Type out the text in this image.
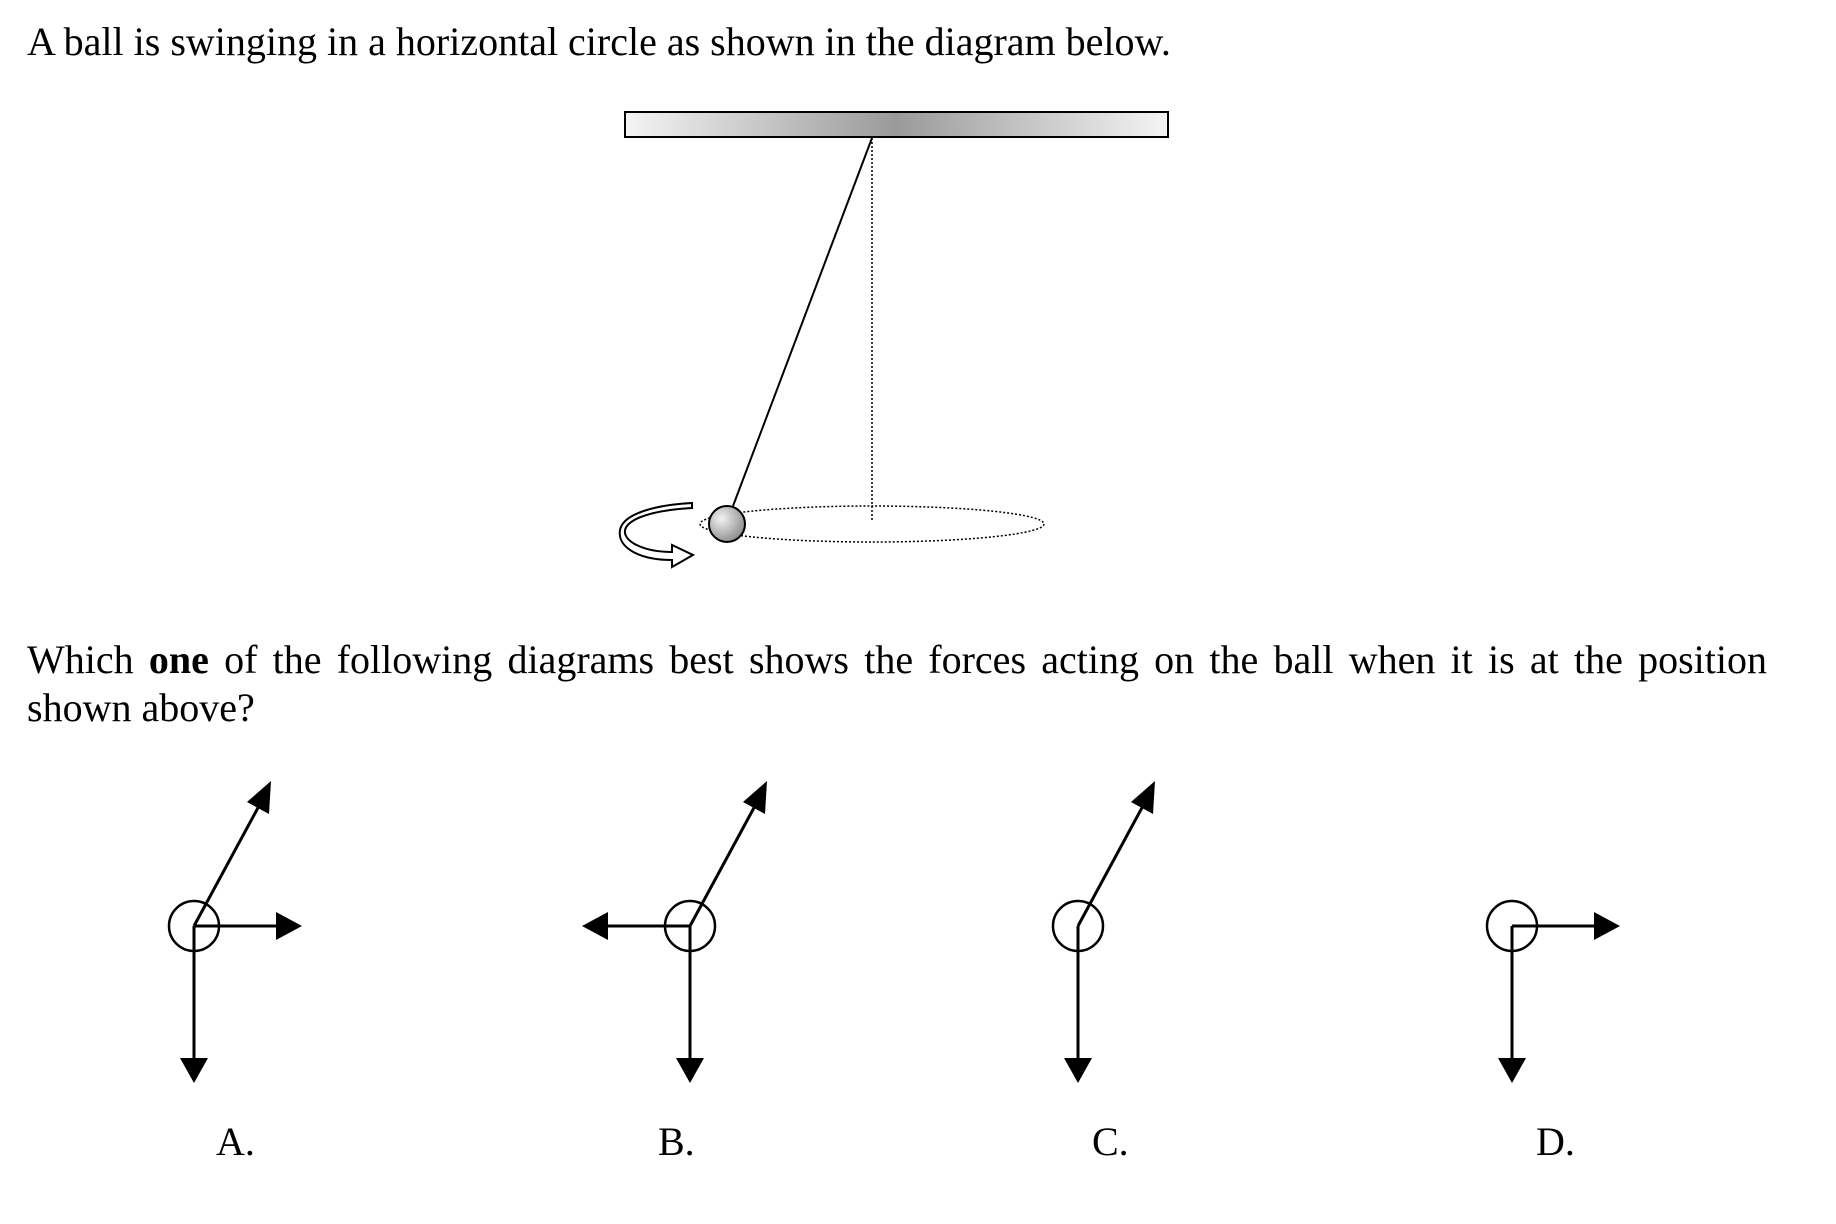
A ball is swinging in a horizontal circle as shown in the diagram below.

Which one of the following diagrams best shows the forces acting on the ball when it is at the position shown above?

A.	B.	C.	D.
